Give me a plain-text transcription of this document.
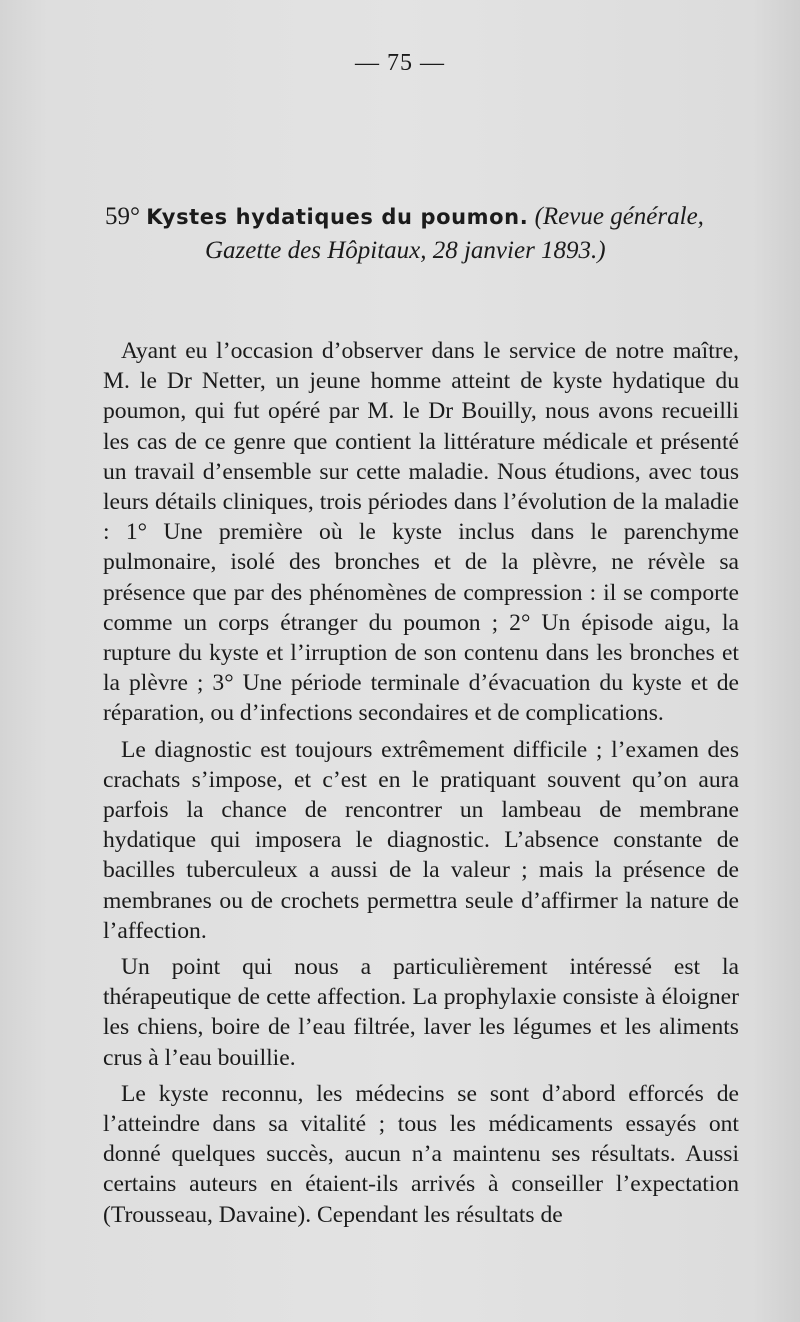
— 75 —
59° Kystes hydatiques du poumon. (Revue générale,
Gazette des Hôpitaux, 28 janvier 1893.)

Ayant eu l’occasion d’observer dans le service de notre maître, M. le Dr Netter, un jeune homme atteint de kyste hydatique du poumon, qui fut opéré par M. le Dr Bouilly, nous avons recueilli les cas de ce genre que contient la littérature médicale et présenté un travail d’ensemble sur cette maladie. Nous étudions, avec tous leurs détails cliniques, trois périodes dans l’évolution de la maladie : 1° Une première où le kyste inclus dans le parenchyme pulmonaire, isolé des bronches et de la plèvre, ne révèle sa présence que par des phénomènes de compression : il se comporte comme un corps étranger du poumon ; 2° Un épisode aigu, la rupture du kyste et l’irruption de son contenu dans les bronches et la plèvre ; 3° Une période terminale d’évacuation du kyste et de réparation, ou d’infections secondaires et de complications.

Le diagnostic est toujours extrêmement difficile ; l’examen des crachats s’impose, et c’est en le pratiquant souvent qu’on aura parfois la chance de rencontrer un lambeau de membrane hydatique qui imposera le diagnostic. L’absence constante de bacilles tuberculeux a aussi de la valeur ; mais la présence de membranes ou de crochets permettra seule d’affirmer la nature de l’affection.

Un point qui nous a particulièrement intéressé est la thérapeutique de cette affection. La prophylaxie consiste à éloigner les chiens, boire de l’eau filtrée, laver les légumes et les aliments crus à l’eau bouillie.

Le kyste reconnu, les médecins se sont d’abord efforcés de l’atteindre dans sa vitalité ; tous les médicaments essayés ont donné quelques succès, aucun n’a maintenu ses résultats. Aussi certains auteurs en étaient-ils arrivés à conseiller l’expectation (Trousseau, Davaine). Cependant les résultats de
